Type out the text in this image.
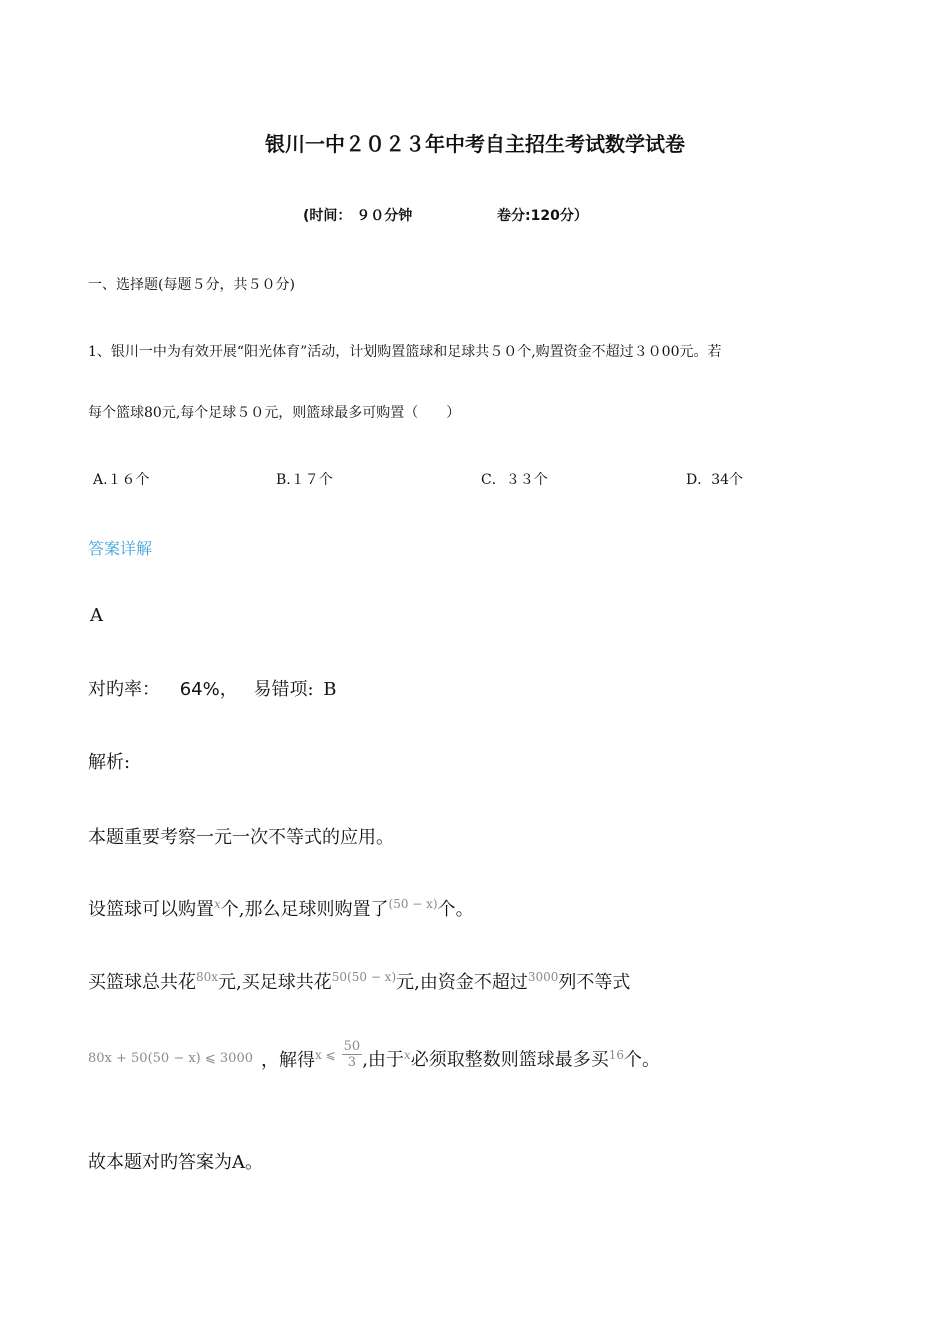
银川一中２０２３年中考自主招生考试数学试卷
(时间： ９０分钟	卷分:120分）
一、选择题(每题５分，共５０分)
1、银川一中为有效开展“阳光体育”活动，计划购置篮球和足球共５０个,购置资金不超过３０00元。若
每个篮球80元,每个足球５０元，则篮球最多可购置（　　）
A.１６个	B.１７个	C．３３个	D．34个
答案详解
A
对旳率： 64%， 易错项: B
解析:
本题重要考察一元一次不等式的应用。
设篮球可以购置$^x$个,那么足球则购置了$^{(50 - x)}$个。
买篮球总共花$^{80x}$元,买足球共花$^{50(50 - x)}$元,由资金不超过$^{3000}$列不等式
$^{80x + 50(50 - x) ⩽ 3000}$ ，解得$^{x ⩽} \frac{50}{3}$ ,由于$^x$必须取整数则篮球最多买$^{16}$个。
故本题对旳答案为A。
